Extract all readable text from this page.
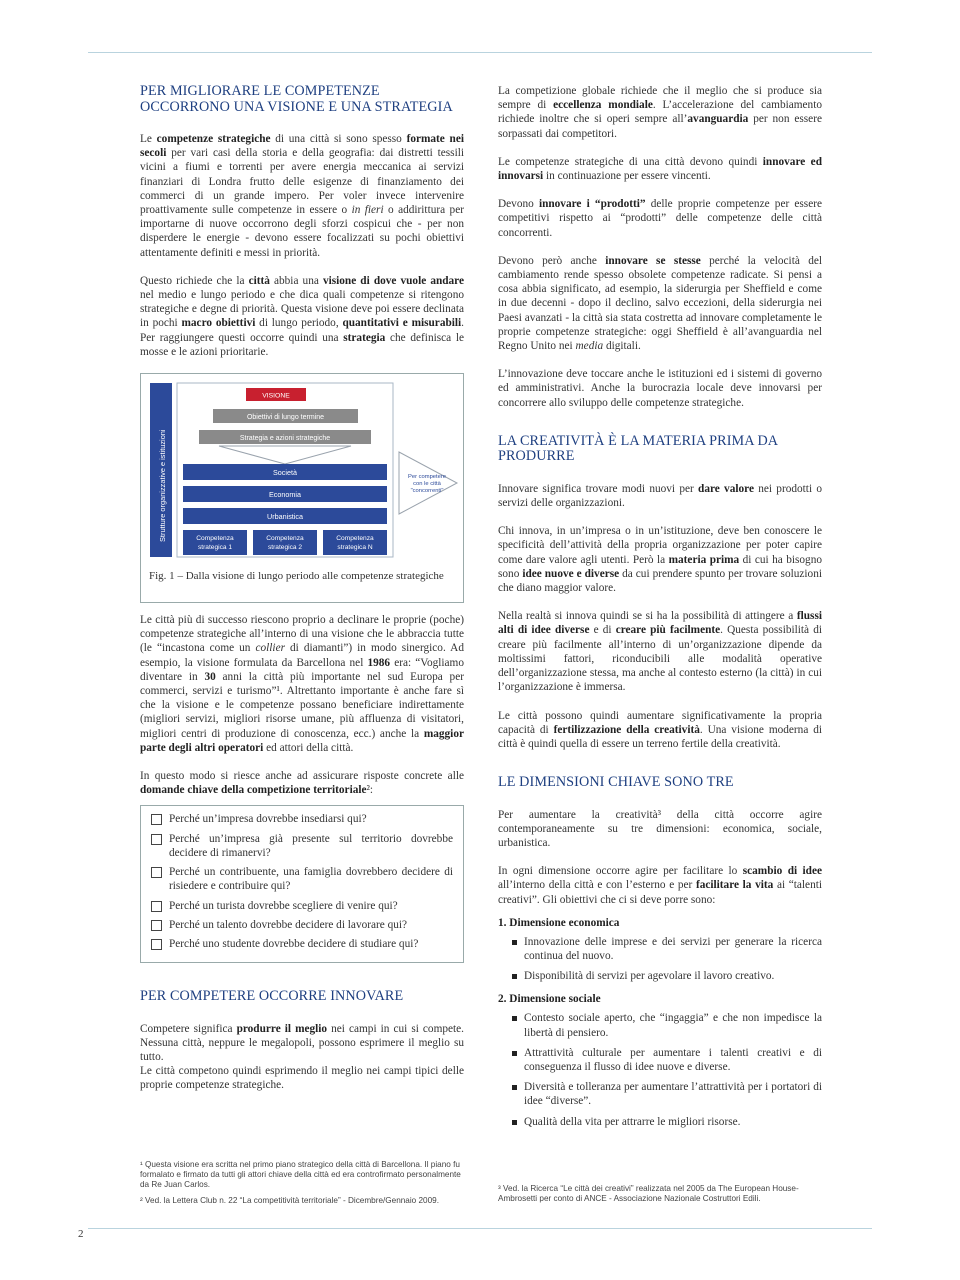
PER MIGLIORARE LE COMPETENZE OCCORRONO UNA VISIONE E UNA STRATEGIA

Le competenze strategiche di una città si sono spesso formate nei secoli per vari casi della storia e della geografia: dai distretti tessili vicini a fiumi e torrenti per avere energia meccanica ai servizi finanziari di Londra frutto delle esigenze di finanziamento dei commerci di un grande impero. Per voler invece intervenire proattivamente sulle competenze in essere o in fieri o addirittura per importarne di nuove occorrono degli sforzi cospicui che - per non disperdere le energie - devono essere focalizzati su pochi obiettivi attentamente definiti e messi in priorità.

Questo richiede che la città abbia una visione di dove vuole andare nel medio e lungo periodo e che dica quali competenze si ritengono strategiche e degne di priorità. Questa visione deve poi essere declinata in pochi macro obiettivi di lungo periodo, quantitativi e misurabili. Per raggiungere questi occorre quindi una strategia che definisca le mosse e le azioni prioritarie.

Strutture organizzative e istituzioni
VISIONE
Obiettivi di lungo termine
Strategia e azioni strategiche
Società
Economia
Urbanistica
Competenza
strategica 1
Competenza
strategica 2
Competenza
strategica N
Per competere
con le città
"concorrenti"
Fig. 1 – Dalla visione di lungo periodo alle competenze strategiche

Le città più di successo riescono proprio a declinare le proprie (poche) competenze strategiche all’interno di una visione che le abbraccia tutte (le “incastona come un collier di diamanti”) in modo sinergico. Ad esempio, la visione formulata da Barcellona nel 1986 era: “Vogliamo diventare in 30 anni la città più importante nel sud Europa per commerci, servizi e turismo”¹. Altrettanto importante è anche fare sì che la visione e le competenze possano beneficiare indirettamente (migliori servizi, migliori risorse umane, più affluenza di visitatori, migliori centri di produzione di conoscenza, ecc.) anche la maggior parte degli altri operatori ed attori della città.

In questo modo si riesce anche ad assicurare risposte concrete alle domande chiave della competizione territoriale²:

Perché un’impresa dovrebbe insediarsi qui?
Perché un’impresa già presente sul territorio dovrebbe decidere di rimanervi?
Perché un contribuente, una famiglia dovrebbero decidere di risiedere e contribuire qui?
Perché un turista dovrebbe scegliere di venire qui?
Perché un talento dovrebbe decidere di lavorare qui?
Perché uno studente dovrebbe decidere di studiare qui?
PER COMPETERE OCCORRE INNOVARE

Competere significa produrre il meglio nei campi in cui si compete. Nessuna città, neppure le megalopoli, possono esprimere il meglio su tutto.

Le città competono quindi esprimendo il meglio nei campi tipici delle proprie competenze strategiche.

¹ Questa visione era scritta nel primo piano strategico della città di Barcellona. Il piano fu formalato e firmato da tutti gli attori chiave della città ed era controfirmato personalmente da Re Juan Carlos.
² Ved. la Lettera Club n. 22 “La competitività territoriale” - Dicembre/Gennaio 2009.

La competizione globale richiede che il meglio che si produce sia sempre di eccellenza mondiale. L’accelerazione del cambiamento richiede inoltre che si operi sempre all’avanguardia per non essere sorpassati dai competitori.

Le competenze strategiche di una città devono quindi innovare ed innovarsi in continuazione per essere vincenti.

Devono innovare i “prodotti” delle proprie competenze per essere competitivi rispetto ai “prodotti” delle competenze delle città concorrenti.

Devono però anche innovare se stesse perché la velocità del cambiamento rende spesso obsolete competenze radicate. Si pensi a cosa abbia significato, ad esempio, la siderurgia per Sheffield e come in due decenni - dopo il declino, salvo eccezioni, della siderurgia nei Paesi avanzati - la città sia stata costretta ad innovare completamente le proprie competenze strategiche: oggi Sheffield è all’avanguardia nel Regno Unito nei media digitali.

L’innovazione deve toccare anche le istituzioni ed i sistemi di governo ed amministrativi. Anche la burocrazia locale deve innovarsi per concorrere allo sviluppo delle competenze strategiche.

LA CREATIVITÀ È LA MATERIA PRIMA DA PRODURRE

Innovare significa trovare modi nuovi per dare valore nei prodotti o servizi delle organizzazioni.

Chi innova, in un’impresa o in un’istituzione, deve ben conoscere le specificità dell’attività della propria organizzazione per poter capire come dare valore agli utenti. Però la materia prima di cui ha bisogno sono idee nuove e diverse da cui prendere spunto per trovare soluzioni che diano maggior valore.

Nella realtà si innova quindi se si ha la possibilità di attingere a flussi alti di idee diverse e di creare più facilmente. Questa possibilità di creare più facilmente all’interno di un’organizzazione dipende da moltissimi fattori, riconducibili alle modalità operative dell’organizzazione stessa, ma anche al contesto esterno (la città) in cui l’organizzazione è immersa.

Le città possono quindi aumentare significativamente la propria capacità di fertilizzazione della creatività. Una visione moderna di città è quindi quella di essere un terreno fertile della creatività.

LE DIMENSIONI CHIAVE SONO TRE

Per aumentare la creatività³ della città occorre agire contemporaneamente su tre dimensioni: economica, sociale, urbanistica.

In ogni dimensione occorre agire per facilitare lo scambio di idee all’interno della città e con l’esterno e per facilitare la vita ai “talenti creativi”. Gli obiettivi che ci si deve porre sono:

1. Dimensione economica
Innovazione delle imprese e dei servizi per generare la ricerca continua del nuovo.
Disponibilità di servizi per agevolare il lavoro creativo.
2. Dimensione sociale
Contesto sociale aperto, che “ingaggia” e che non impedisce la libertà di pensiero.
Attrattività culturale per aumentare i talenti creativi e di conseguenza il flusso di idee nuove e diverse.
Diversità e tolleranza per aumentare l’attrattività per i portatori di idee “diverse”.
Qualità della vita per attrarre le migliori risorse.
³ Ved. la Ricerca “Le città dei creativi” realizzata nel 2005 da The European House-Ambrosetti per conto di ANCE - Associazione Nazionale Costruttori Edili.
2
